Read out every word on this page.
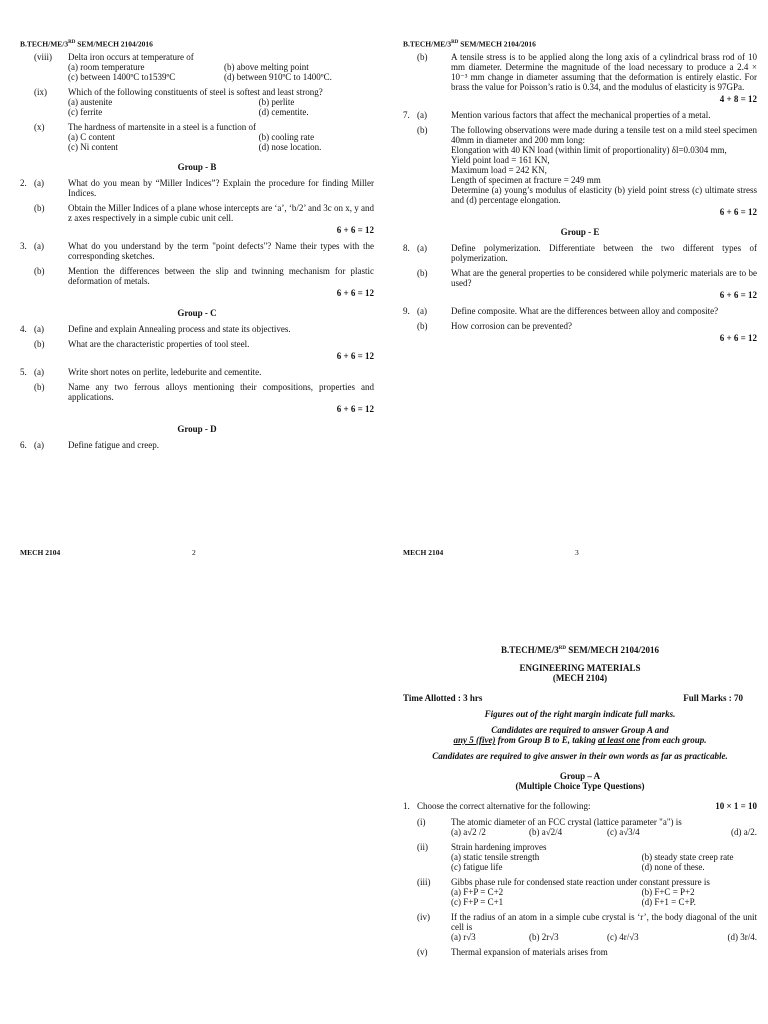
B.TECH/ME/3RD SEM/MECH 2104/2016
(viii)	Delta iron occurs at temperature of
(a) room temperature	(b) above melting point
(c) between 1400ºC to1539ºC	(d) between 910ºC to 1400ºC.
(ix)	Which of the following constituents of steel is softest and least strong?
(a) austenite	(b) perlite
(c) ferrite	(d) cementite.
(x)	The hardness of martensite in a steel is a function of
(a) C content	(b) cooling rate
(c) Ni content	(d) nose location.
Group - B
2. (a)	What do you mean by “Miller Indices”? Explain the procedure for finding Miller Indices.
(b)	Obtain the Miller Indices of a plane whose intercepts are ‘a’, ‘b/2’ and 3c on x, y and z axes respectively in a simple cubic unit cell.
6 + 6 = 12
3. (a)	What do you understand by the term "point defects"? Name their types with the corresponding sketches.
(b)	Mention the differences between the slip and twinning mechanism for plastic deformation of metals.
6 + 6 = 12
Group - C
4. (a)	Define and explain Annealing process and state its objectives.
(b)	What are the characteristic properties of tool steel.
6 + 6 = 12
5. (a)	Write short notes on perlite, ledeburite and cementite.
(b)	Name any two ferrous alloys mentioning their compositions, properties and applications.
6 + 6 = 12
Group - D
6. (a)	Define fatigue and creep.
MECH 2104	2
B.TECH/ME/3RD SEM/MECH 2104/2016
(b)	A tensile stress is to be applied along the long axis of a cylindrical brass rod of 10 mm diameter. Determine the magnitude of the load necessary to produce a 2.4 × 10⁻³ mm change in diameter assuming that the deformation is entirely elastic. For brass the value for Poisson’s ratio is 0.34, and the modulus of elasticity is 97GPa.
4 + 8 = 12
7. (a)	Mention various factors that affect the mechanical properties of a metal.
(b)	The following observations were made during a tensile test on a mild steel specimen 40mm in diameter and 200 mm long:
Elongation with 40 KN load (within limit of proportionality) δl=0.0304 mm,
Yield point load = 161 KN,
Maximum load = 242 KN,
Length of specimen at fracture = 249 mm
Determine (a) young’s modulus of elasticity (b) yield point stress (c) ultimate stress and (d) percentage elongation.
6 + 6 = 12
Group - E
8. (a)	Define polymerization. Differentiate between the two different types of polymerization.
(b)	What are the general properties to be considered while polymeric materials are to be used?
6 + 6 = 12
9. (a)	Define composite. What are the differences between alloy and composite?
(b)	How corrosion can be prevented?
6 + 6 = 12
MECH 2104	3
B.TECH/ME/3RD SEM/MECH 2104/2016
ENGINEERING MATERIALS
(MECH 2104)
Time Allotted : 3 hrs	Full Marks : 70
Figures out of the right margin indicate full marks.
Candidates are required to answer Group A and
any 5 (five) from Group B to E, taking at least one from each group.
Candidates are required to give answer in their own words as far as practicable.
Group – A
(Multiple Choice Type Questions)
1. Choose the correct alternative for the following:	10 × 1 = 10
(i)	The atomic diameter of an FCC crystal (lattice parameter "a") is
(a) a√2 /2	(b) a√2/4	(c) a√3/4	(d) a/2.
(ii)	Strain hardening improves
(a) static tensile strength	(b) steady state creep rate
(c) fatigue life	(d) none of these.
(iii)	Gibbs phase rule for condensed state reaction under constant pressure is
(a) F+P = C+2	(b) F+C = P+2
(c) F+P = C+1	(d) F+1 = C+P.
(iv)	If the radius of an atom in a simple cube crystal is ‘r’, the body diagonal of the unit cell is
(a) r√3	(b) 2r√3	(c) 4r/√3	(d) 3r/4.
(v)	Thermal expansion of materials arises from
